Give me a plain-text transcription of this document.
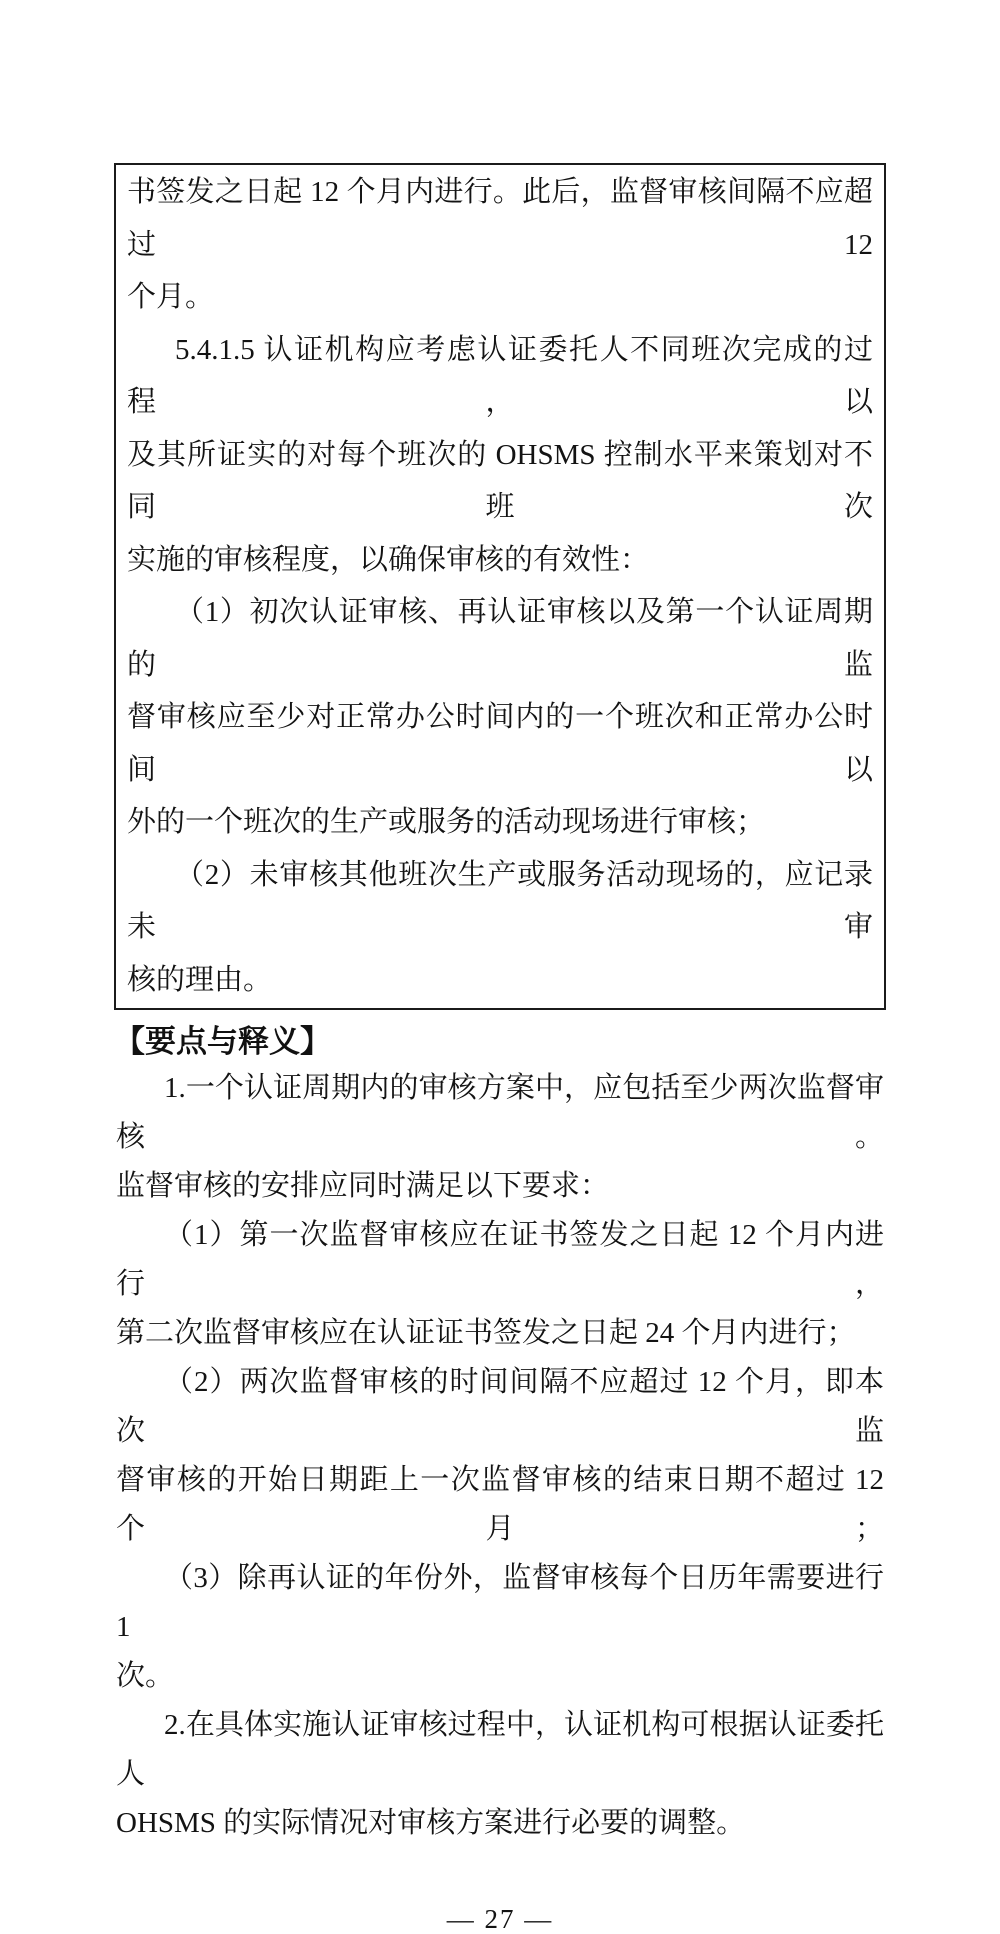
书签发之日起 12 个月内进行。此后，监督审核间隔不应超过 12
个月。
5.4.1.5 认证机构应考虑认证委托人不同班次完成的过程，以
及其所证实的对每个班次的 OHSMS 控制水平来策划对不同班次
实施的审核程度，以确保审核的有效性：
（1）初次认证审核、再认证审核以及第一个认证周期的监
督审核应至少对正常办公时间内的一个班次和正常办公时间以
外的一个班次的生产或服务的活动现场进行审核；
（2）未审核其他班次生产或服务活动现场的，应记录未审
核的理由。
【要点与释义】
1.一个认证周期内的审核方案中，应包括至少两次监督审核。
监督审核的安排应同时满足以下要求：
（1）第一次监督审核应在证书签发之日起 12 个月内进行，
第二次监督审核应在认证证书签发之日起 24 个月内进行；
（2）两次监督审核的时间间隔不应超过 12 个月，即本次监
督审核的开始日期距上一次监督审核的结束日期不超过 12 个月；
（3）除再认证的年份外，监督审核每个日历年需要进行 1
次。
2.在具体实施认证审核过程中，认证机构可根据认证委托人
OHSMS 的实际情况对审核方案进行必要的调整。
— 27 —
